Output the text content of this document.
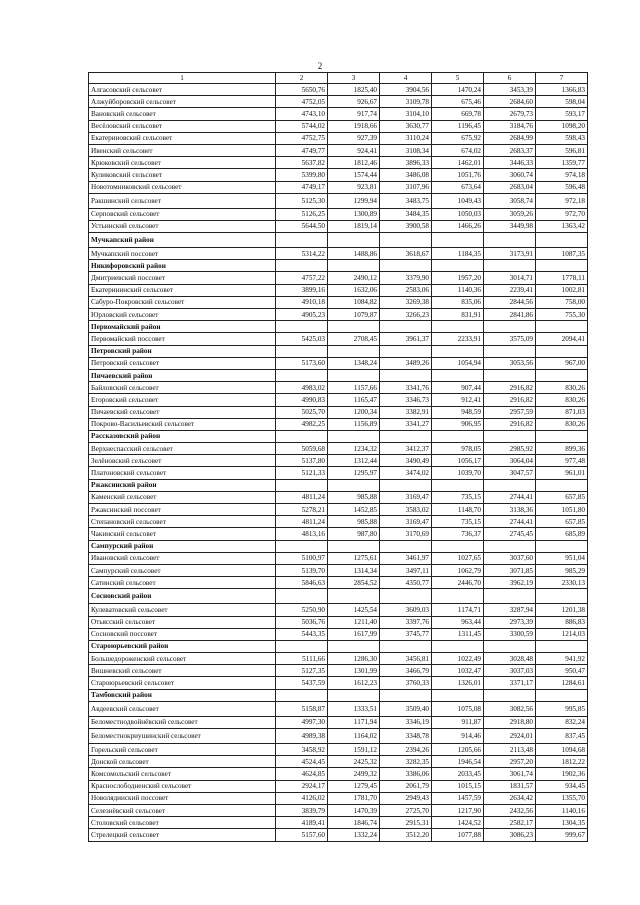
2
1	2	3	4	5	6	7
Алгасовский сельсовет	5650,76	1825,40	3904,56	1470,24	3453,39	1366,83
Алжуйборовский сельсовет	4752,05	926,67	3109,78	675,46	2684,60	598,04
Вановский сельсовет	4743,10	917,74	3104,10	669,78	2679,73	593,17
Весёловский сельсовет	5744,02	1918,66	3630,77	1196,45	3184,76	1098,20
Екатериновский сельсовет	4752,75	927,39	3110,24	675,92	2684,99	598,43
Ивенский сельсовет	4749,77	924,41	3108,34	674,02	2683,37	596,81
Крюковский сельсовет	5637,82	1812,46	3896,33	1462,01	3446,33	1359,77
Куликовский сельсовет	5399,80	1574,44	3486,08	1051,76	3060,74	974,18
Новотомниковский сельсовет	4749,17	923,81	3107,96	673,64	2683,04	596,48
Ракшинский сельсовет	5125,30	1299,94	3483,75	1049,43	3058,74	972,18
Серповский сельсовет	5126,25	1300,89	3484,35	1050,03	3059,26	972,70
Устьинский сельсовет	5644,50	1819,14	3900,58	1466,26	3449,98	1363,42
Мучкапский район						
Мучкапский поссовет	5314,22	1488,86	3618,67	1184,35	3173,91	1087,35
Никифоровский район						
Дмитриевский поссовет	4757,22	2490,12	3379,90	1957,20	3014,71	1778,11
Екатерининский сельсовет	3899,16	1632,06	2583,06	1140,36	2239,41	1002,81
Сабуро-Покровский сельсовет	4910,18	1084,82	3269,38	835,06	2844,56	758,00
Юрловский сельсовет	4905,23	1079,87	3266,23	831,91	2841,86	755,30
Первомайский район						
Первомайский поссовет	5425,03	2708,45	3961,37	2233,91	3575,09	2094,41
Петровский район						
Петровский сельсовет	5173,60	1348,24	3489,26	1054,94	3053,56	967,00
Пичаевский район						
Байловский сельсовет	4983,02	1157,66	3341,76	907,44	2916,82	830,26
Егоровский сельсовет	4990,83	1165,47	3346,73	912,41	2916,82	830,26
Пичаевский сельсовет	5025,70	1200,34	3382,91	948,59	2957,59	871,03
Покрово-Васильевский сельсовет	4982,25	1156,89	3341,27	906,95	2916,82	830,26
Рассказовский район						
Верхнеспасский сельсовет	5059,68	1234,32	3412,37	978,05	2985,92	899,36
Зелёновский сельсовет	5137,80	1312,44	3490,49	1056,17	3064,04	977,48
Платоновский сельсовет	5121,33	1295,97	3474,02	1039,70	3047,57	961,01
Ржаксинский район						
Каменский сельсовет	4811,24	985,88	3169,47	735,15	2744,41	657,85
Ржаксинский поссовет	5278,21	1452,85	3583,02	1148,70	3138,36	1051,80
Степановский сельсовет	4811,24	985,88	3169,47	735,15	2744,41	657,85
Чакинский сельсовет	4813,16	987,80	3170,69	736,37	2745,45	685,89
Сампурский район						
Ивановский сельсовет	5100,97	1275,61	3461,97	1027,65	3037,60	951,04
Сампурский сельсовет	5139,70	1314,34	3497,11	1062,79	3071,85	985,29
Сатинский сельсовет	5846,63	2854,52	4350,77	2446,70	3962,19	2330,13
Сосновский район						
Кулеватовский сельсовет	5250,90	1425,54	3609,03	1174,71	3287,94	1201,38
Отьясский сельсовет	5036,76	1211,40	3397,76	963,44	2973,39	886,83
Сосновский поссовет	5443,35	1617,99	3745,77	1311,45	3300,59	1214,03
Староюрьевский район						
Большедороженский сельсовет	5111,66	1286,30	3456,81	1022,49	3028,48	941,92
Вишневский сельсовет	5127,35	1301,99	3466,79	1032,47	3037,03	950,47
Староюрьевский сельсовет	5437,59	1612,23	3760,33	1326,01	3371,17	1284,61
Тамбовский район						
Авдеевский сельсовет	5158,87	1333,51	3509,40	1075,08	3082,56	995,85
Беломестнодвойнёвский сельсовет	4997,30	1171,94	3346,19	911,87	2918,80	832,24
Беломестнокриушинский сельсовет	4989,38	1164,02	3348,78	914,46	2924,01	837,45
Горельский сельсовет	3458,92	1591,12	2394,26	1205,66	2113,48	1094,68
Донской сельсовет	4524,45	2425,32	3282,35	1946,54	2957,20	1812,22
Комсомольский сельсовет	4624,85	2499,32	3386,06	2033,45	3061,74	1902,36
Краснослободненский сельсовет	2924,17	1279,45	2061,79	1015,15	1831,57	934,45
Новолядинский поссовет	4126,02	1781,70	2949,43	1457,59	2634,42	1355,70
Селезнёвский сельсовет	3839,79	1470,39	2725,70	1217,90	2432,56	1140,16
Столовский сельсовет	4189,41	1846,74	2915,31	1424,52	2582,17	1304,35
Стрелецкий сельсовет	5157,60	1332,24	3512,20	1077,88	3086,23	999,67
